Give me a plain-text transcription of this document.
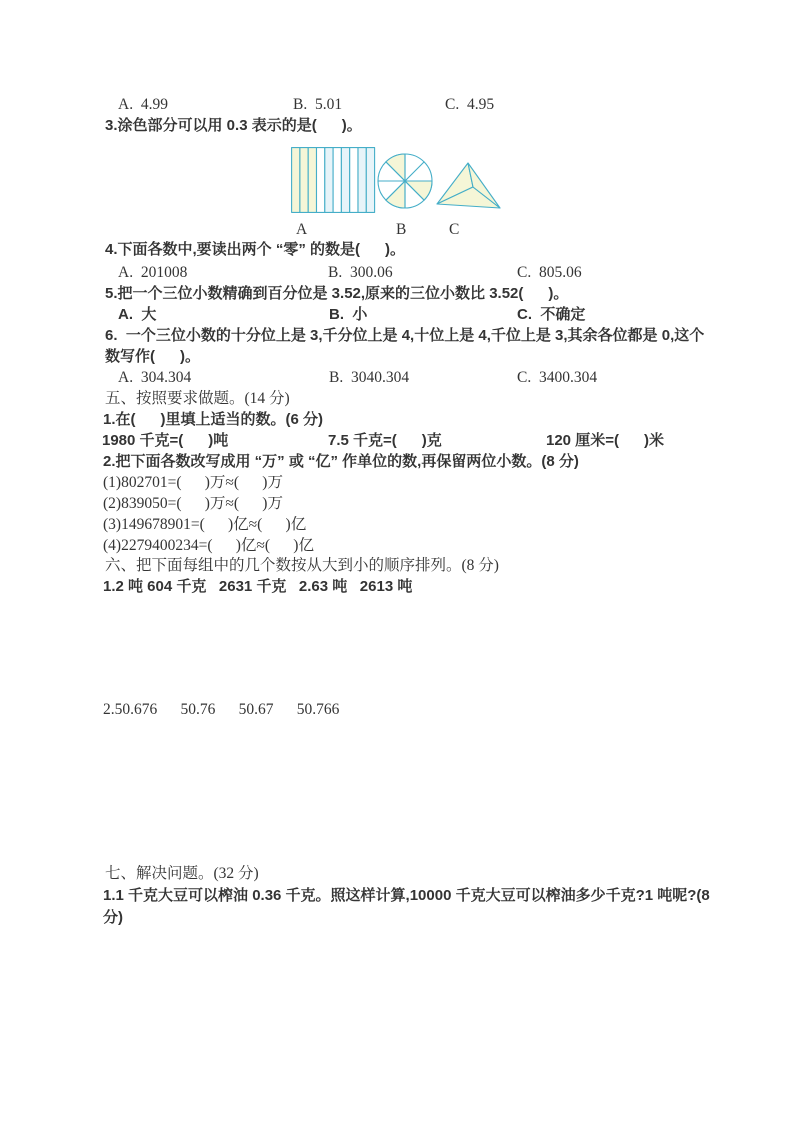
A.  4.99	B.  5.01	C.  4.95
3.涂色部分可以用 0.3 表示的是(      )。
A	B	C
4.下面各数中,要读出两个 “零” 的数是(      )。
A.  201008	B.  300.06	C.  805.06
5.把一个三位小数精确到百分位是 3.52,原来的三位小数比 3.52(      )。
A.  大	B.  小	C.  不确定
6.  一个三位小数的十分位上是 3,千分位上是 4,十位上是 4,千位上是 3,其余各位都是 0,这个
数写作(      )。
A.  304.304	B.  3040.304	C.  3400.304
五、按照要求做题。(14 分)
1.在(      )里填上适当的数。(6 分)
1980 千克=(      )吨	7.5 千克=(      )克	120 厘米=(      )米
2.把下面各数改写成用 “万” 或 “亿” 作单位的数,再保留两位小数。(8 分)
(1)802701=(      )万≈(      )万
(2)839050=(      )万≈(      )万
(3)149678901=(      )亿≈(      )亿
(4)2279400234=(      )亿≈(      )亿
六、把下面每组中的几个数按从大到小的顺序排列。(8 分)
1.2 吨 604 千克   2631 千克   2.63 吨   2613 吨
2.50.676      50.76      50.67      50.766
七、解决问题。(32 分)
1.1 千克大豆可以榨油 0.36 千克。照这样计算,10000 千克大豆可以榨油多少千克?1 吨呢?(8
分)
